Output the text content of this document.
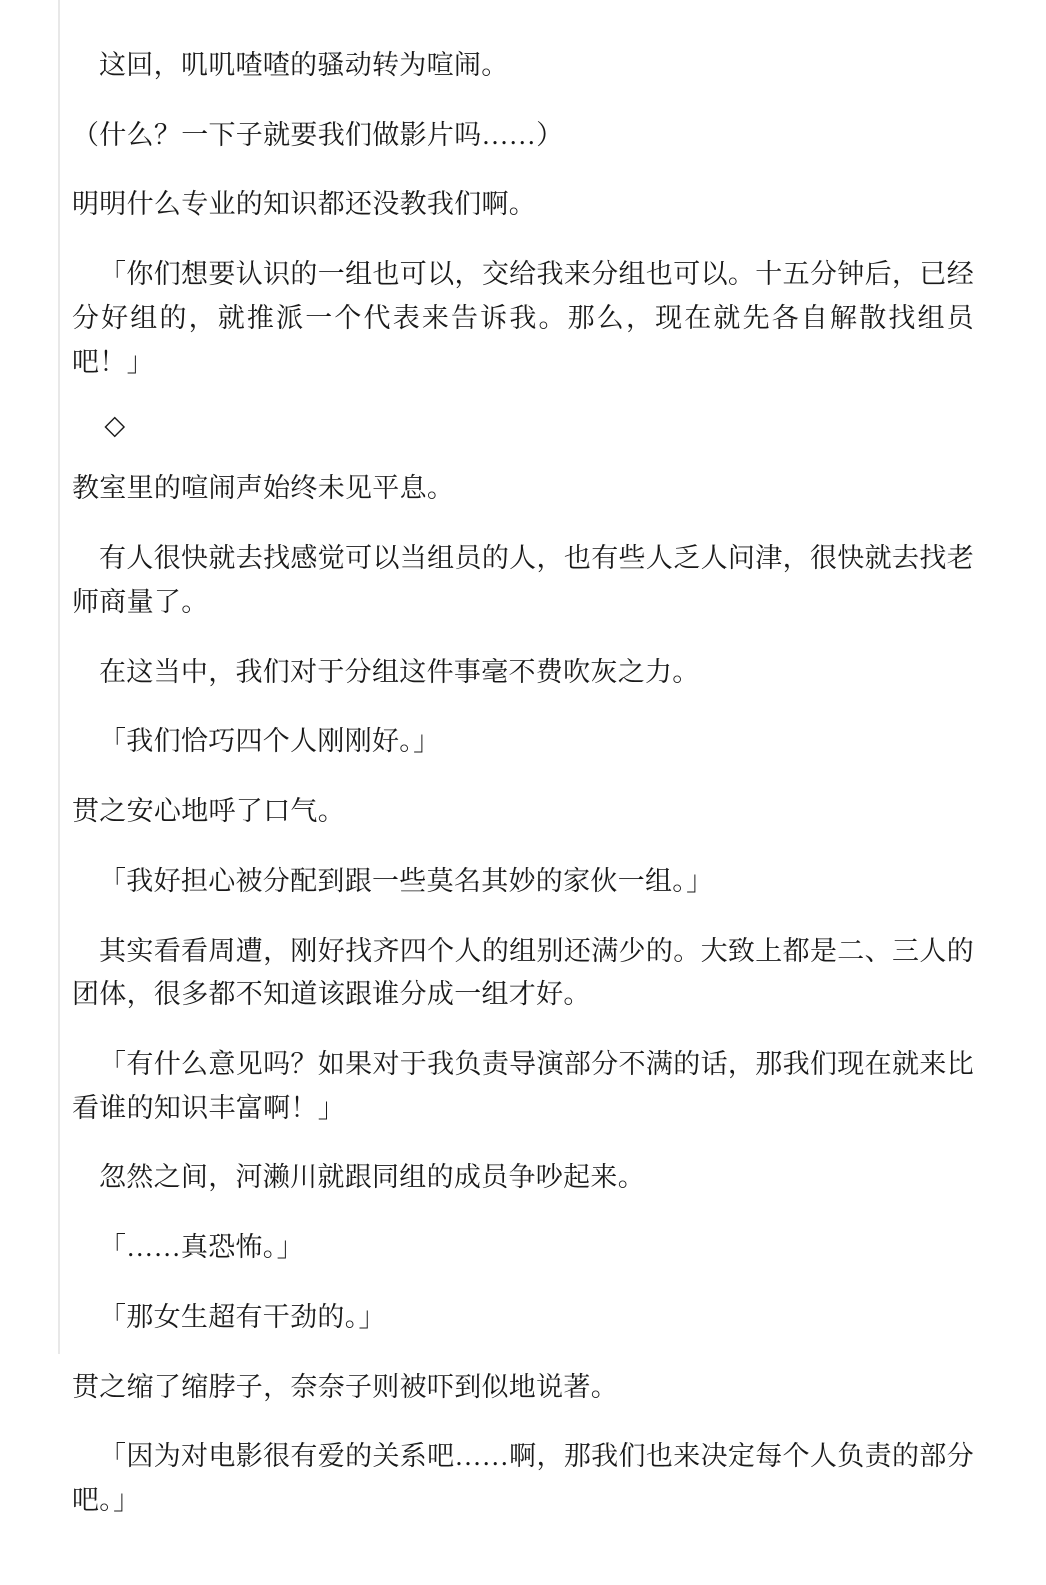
这回，叽叽喳喳的骚动转为喧闹。

（什么？一下子就要我们做影片吗……）

明明什么专业的知识都还没教我们啊。

「你们想要认识的一组也可以，交给我来分组也可以。十五分钟后，已经分好组的，就推派一个代表来告诉我。那么，现在就先各自解散找组员吧！」

◇

教室里的喧闹声始终未见平息。

有人很快就去找感觉可以当组员的人，也有些人乏人问津，很快就去找老师商量了。

在这当中，我们对于分组这件事毫不费吹灰之力。

「我们恰巧四个人刚刚好。」

贯之安心地呼了口气。

「我好担心被分配到跟一些莫名其妙的家伙一组。」

其实看看周遭，刚好找齐四个人的组别还满少的。大致上都是二、三人的团体，很多都不知道该跟谁分成一组才好。

「有什么意见吗？如果对于我负责导演部分不满的话，那我们现在就来比看谁的知识丰富啊！」

忽然之间，河濑川就跟同组的成员争吵起来。

「……真恐怖。」

「那女生超有干劲的。」

贯之缩了缩脖子，奈奈子则被吓到似地说著。

「因为对电影很有爱的关系吧……啊，那我们也来决定每个人负责的部分吧。」
